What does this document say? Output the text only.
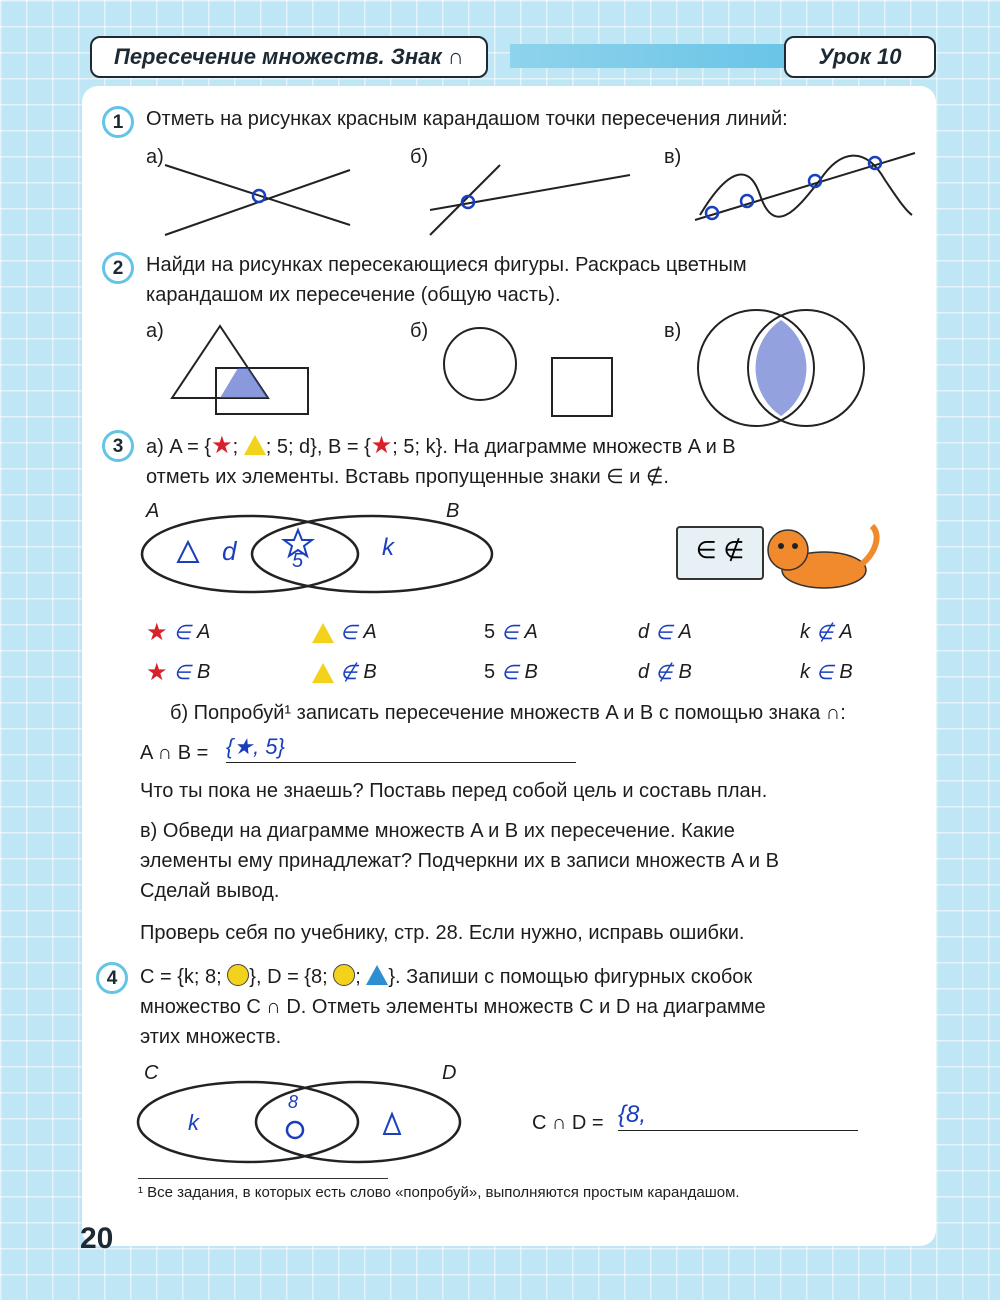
Пересечение множеств. Знак ∩	Урок 10
1	Отметь на рисунках красным карандашом точки пересечения линий:
а)	б)	в)
2	Найди на рисунках пересекающиеся фигуры. Раскрась цветным
карандашом их пересечение (общую часть).
а)	б)	в)
3	а) A = {★; ; 5; d}, B = {★; 5; k}. На диаграмме множеств A и B
отметь их элементы. Вставь пропущенные знаки ∈ и ∉.
A	B
d	5	k	∈ ∉
★ ∈ A	∈ A	5 ∈ A	d ∈ A	k ∉ A
★ ∈ B	∉ B	5 ∈ B	d ∉ B	k ∈ B
б) Попробуй¹ записать пересечение множеств A и B с помощью знака ∩:
A ∩ B = {★, 5}
Что ты пока не знаешь? Поставь перед собой цель и составь план.
в) Обведи на диаграмме множеств A и B их пересечение. Какие
элементы ему принадлежат? Подчеркни их в записи множеств A и B
Сделай вывод.
Проверь себя по учебнику, стр. 28. Если нужно, исправь ошибки.
4	C = {k; 8; }, D = {8; ; }. Запиши с помощью фигурных скобок
множество C ∩ D. Отметь элементы множеств C и D на диаграмме
этих множеств.
C	D
k
8
C ∩ D = {8,
¹ Все задания, в которых есть слово «попробуй», выполняются простым карандашом.
20
